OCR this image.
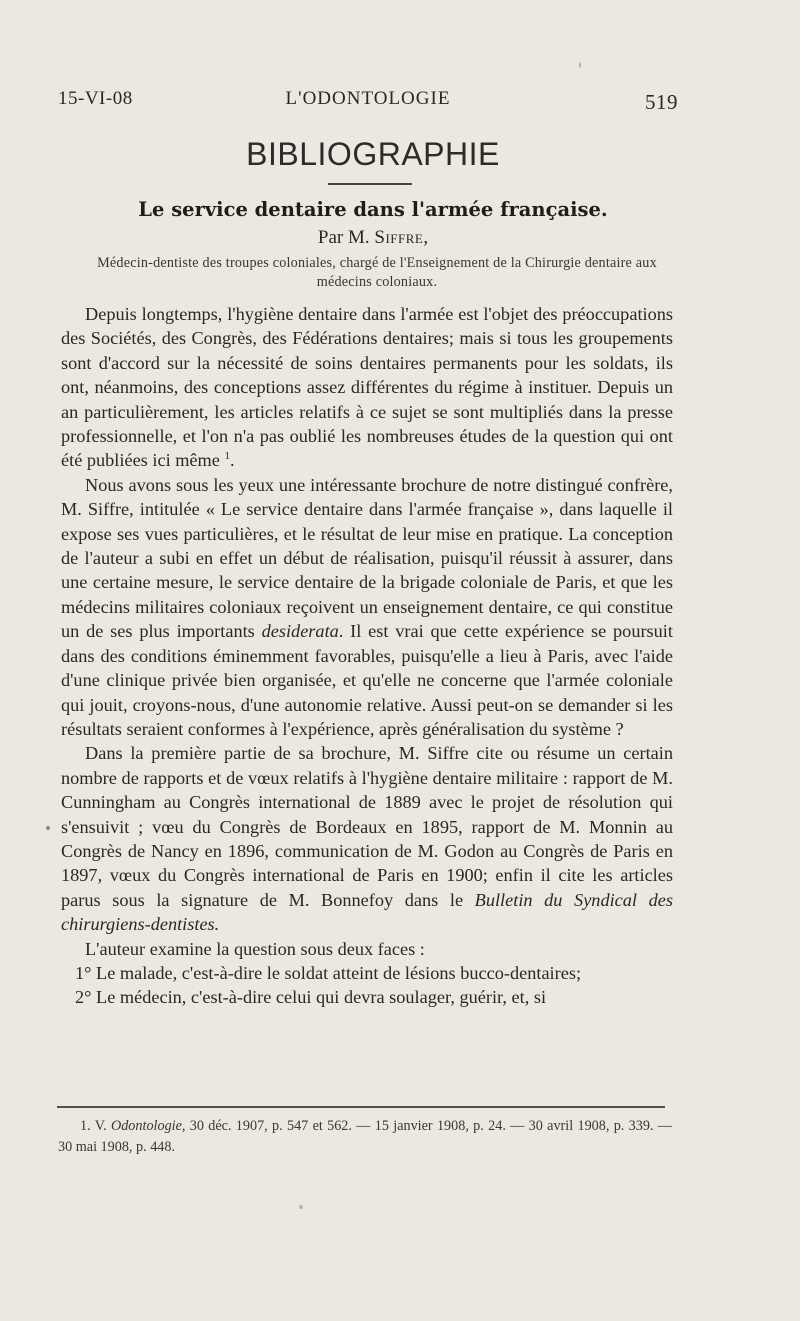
15-VI-08	L'ODONTOLOGIE	519
BIBLIOGRAPHIE
Le service dentaire dans l'armée française.
Par M. Siffre,
Médecin-dentiste des troupes coloniales, chargé de l'Enseignement de la Chirurgie dentaire aux médecins coloniaux.

Depuis longtemps, l'hygiène dentaire dans l'armée est l'objet des préoccupations des Sociétés, des Congrès, des Fédérations dentaires; mais si tous les groupements sont d'accord sur la nécessité de soins dentaires permanents pour les soldats, ils ont, néanmoins, des conceptions assez différentes du régime à instituer. Depuis un an particulièrement, les articles relatifs à ce sujet se sont multipliés dans la presse professionnelle, et l'on n'a pas oublié les nombreuses études de la question qui ont été publiées ici même $^1$.

Nous avons sous les yeux une intéressante brochure de notre distingué confrère, M. Siffre, intitulée « Le service dentaire dans l'armée française », dans laquelle il expose ses vues particulières, et le résultat de leur mise en pratique. La conception de l'auteur a subi en effet un début de réalisation, puisqu'il réussit à assurer, dans une certaine mesure, le service dentaire de la brigade coloniale de Paris, et que les médecins militaires coloniaux reçoivent un enseignement dentaire, ce qui constitue un de ses plus importants desiderata. Il est vrai que cette expérience se poursuit dans des conditions éminemment favorables, puisqu'elle a lieu à Paris, avec l'aide d'une clinique privée bien organisée, et qu'elle ne concerne que l'armée coloniale qui jouit, croyons-nous, d'une autonomie relative. Aussi peut-on se demander si les résultats seraient conformes à l'expérience, après généralisation du système ?

Dans la première partie de sa brochure, M. Siffre cite ou résume un certain nombre de rapports et de vœux relatifs à l'hygiène dentaire militaire : rapport de M. Cunningham au Congrès international de 1889 avec le projet de résolution qui s'ensuivit ; vœu du Congrès de Bordeaux en 1895, rapport de M. Monnin au Congrès de Nancy en 1896, communication de M. Godon au Congrès de Paris en 1897, vœux du Congrès international de Paris en 1900; enfin il cite les articles parus sous la signature de M. Bonnefoy dans le Bulletin du Syndical des chirurgiens-dentistes.

L'auteur examine la question sous deux faces :

1° Le malade, c'est-à-dire le soldat atteint de lésions bucco-dentaires;

2° Le médecin, c'est-à-dire celui qui devra soulager, guérir, et, si

1. V. Odontologie, 30 déc. 1907, p. 547 et 562. — 15 janvier 1908, p. 24. — 30 avril 1908, p. 339. — 30 mai 1908, p. 448.
